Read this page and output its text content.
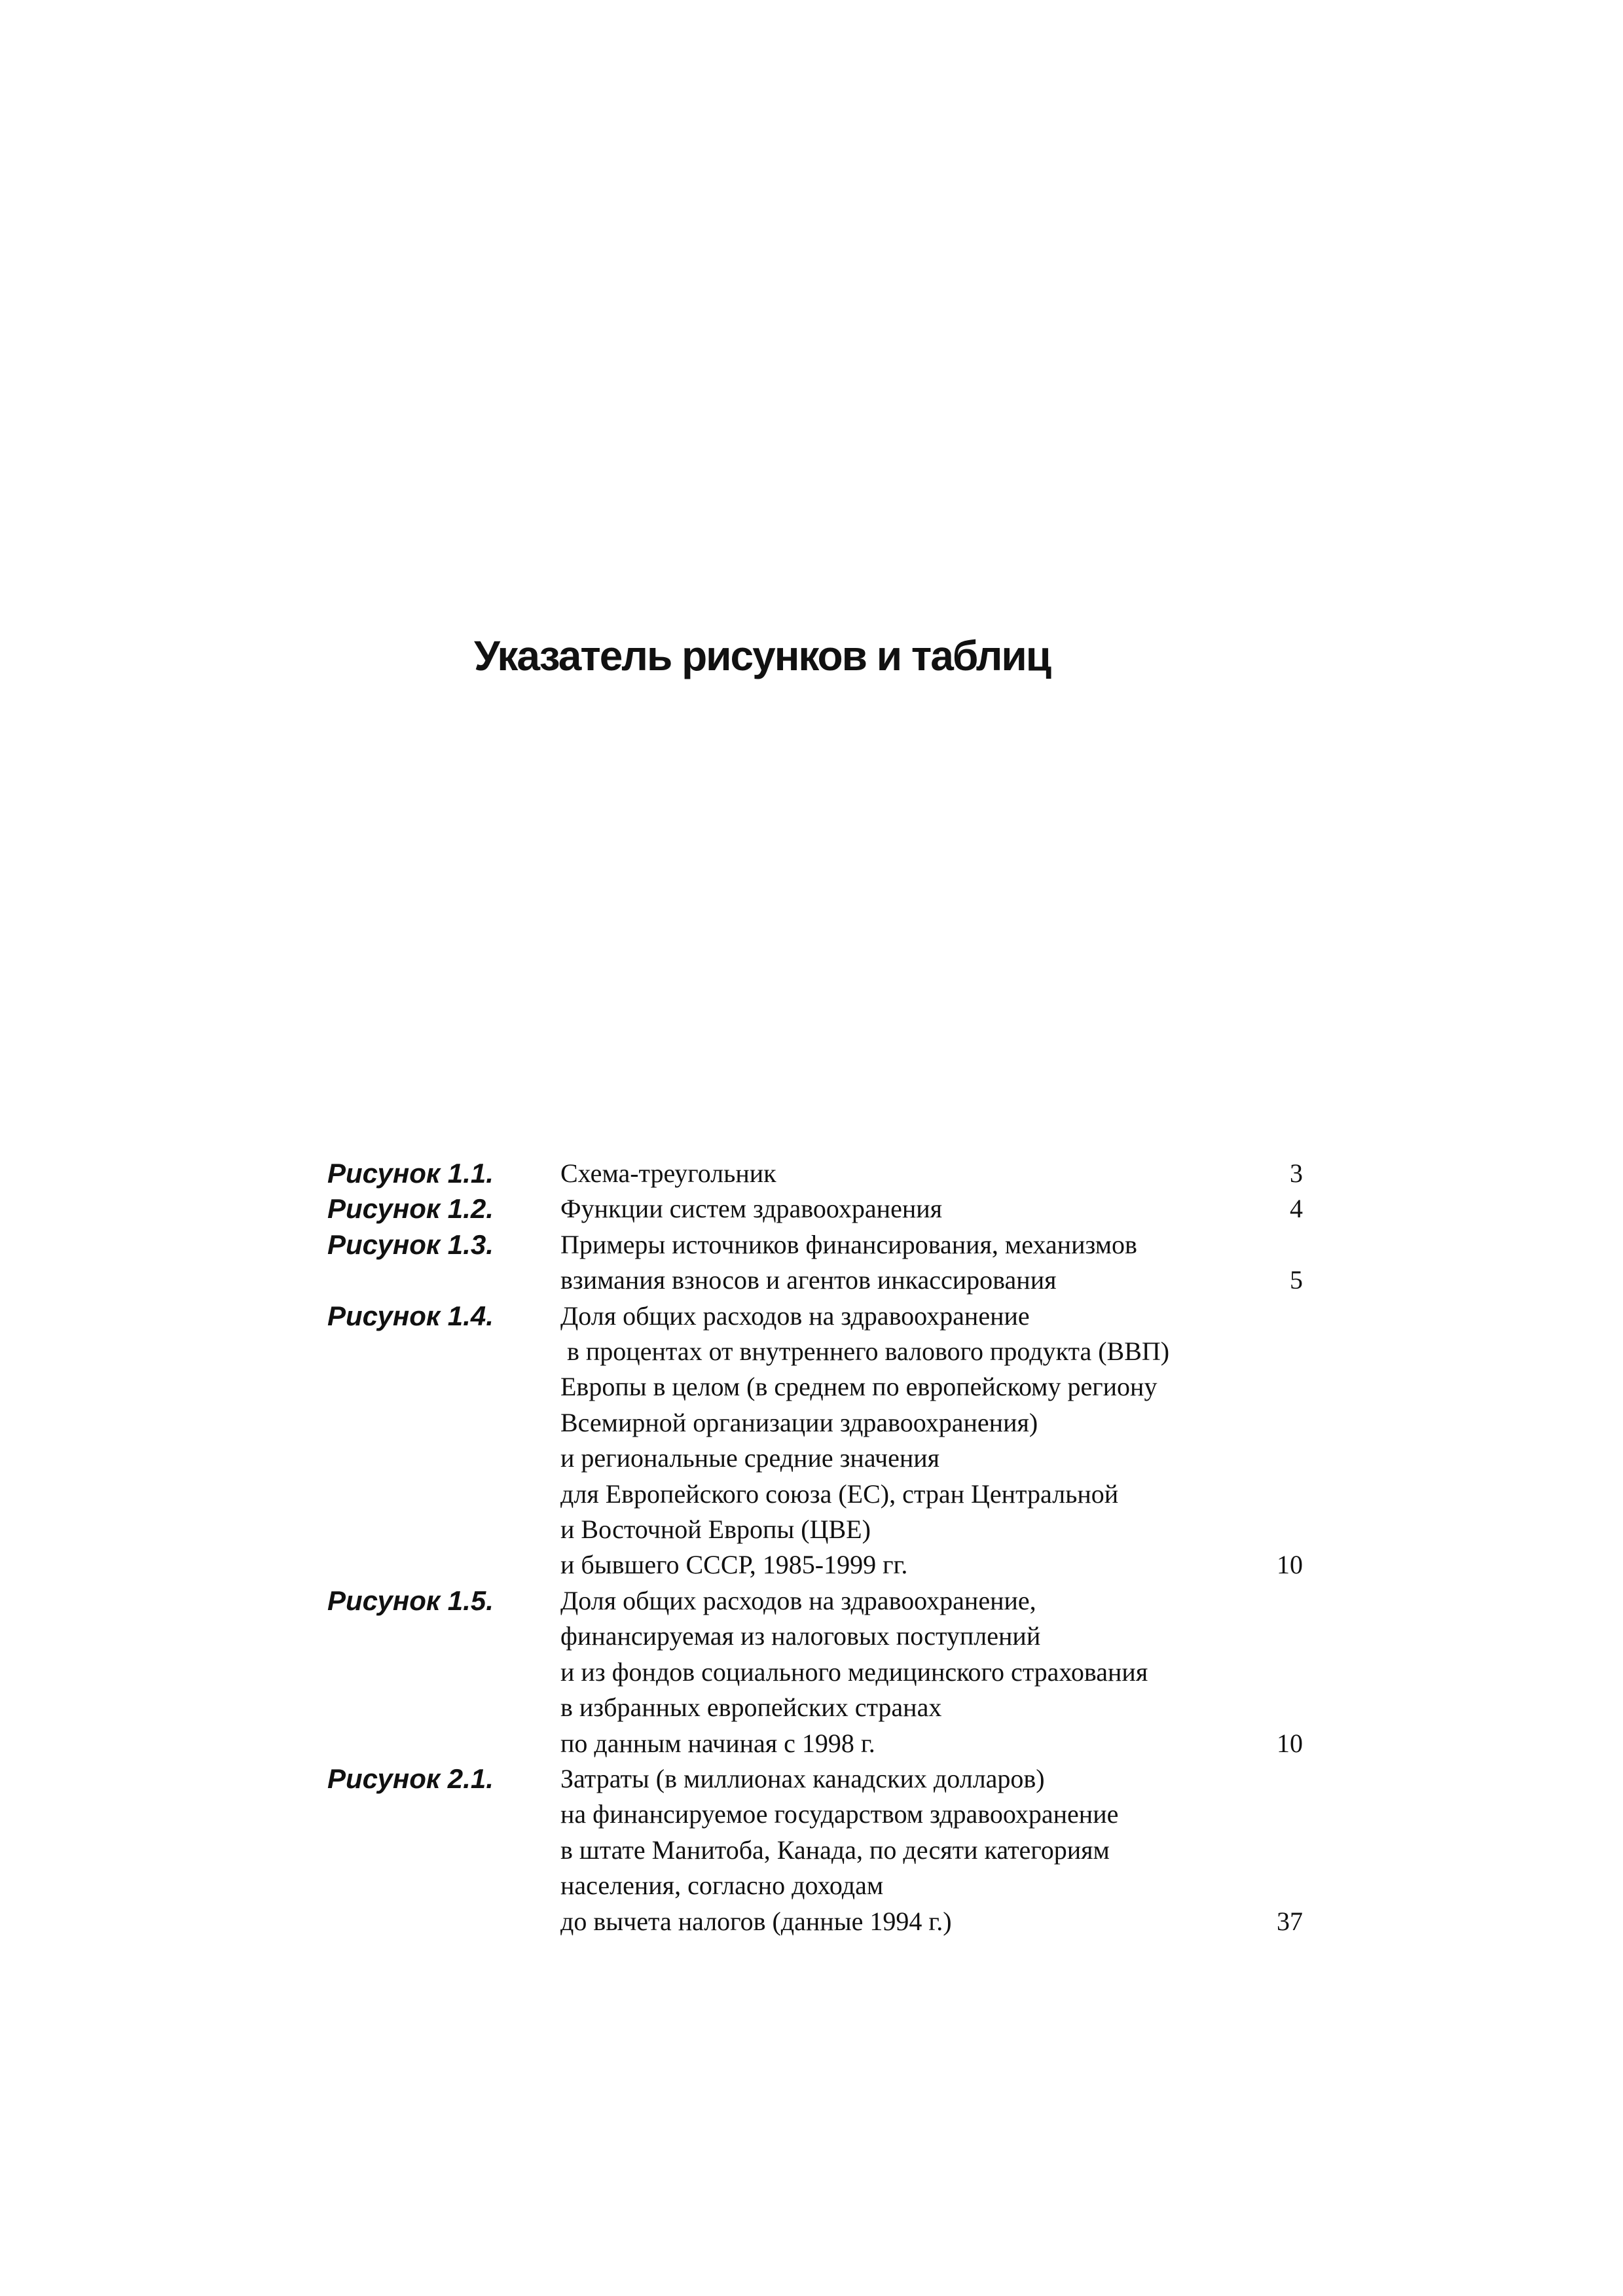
Указатель рисунков и таблиц
Рисунок 1.1.	Схема-треугольник	3
Рисунок 1.2.	Функции систем здравоохранения	4
Рисунок 1.3.	Примеры источников финансирования, механизмов
взимания взносов и агентов инкассирования	5
Рисунок 1.4.	Доля общих расходов на здравоохранение
в процентах от внутреннего валового продукта (ВВП)
Европы в целом (в среднем по европейскому региону
Всемирной организации здравоохранения)
и региональные средние значения
для Европейского союза (ЕС), стран Центральной
и Восточной Европы (ЦВЕ)
и бывшего СССР, 1985-1999 гг.	10
Рисунок 1.5.	Доля общих расходов на здравоохранение,
финансируемая из налоговых поступлений
и из фондов социального медицинского страхования
в избранных европейских странах
по данным начиная с 1998 г.	10
Рисунок 2.1.	Затраты (в миллионах канадских долларов)
на финансируемое государством здравоохранение
в штате Манитоба, Канада, по десяти категориям
населения, согласно доходам
до вычета налогов (данные 1994 г.)	37
